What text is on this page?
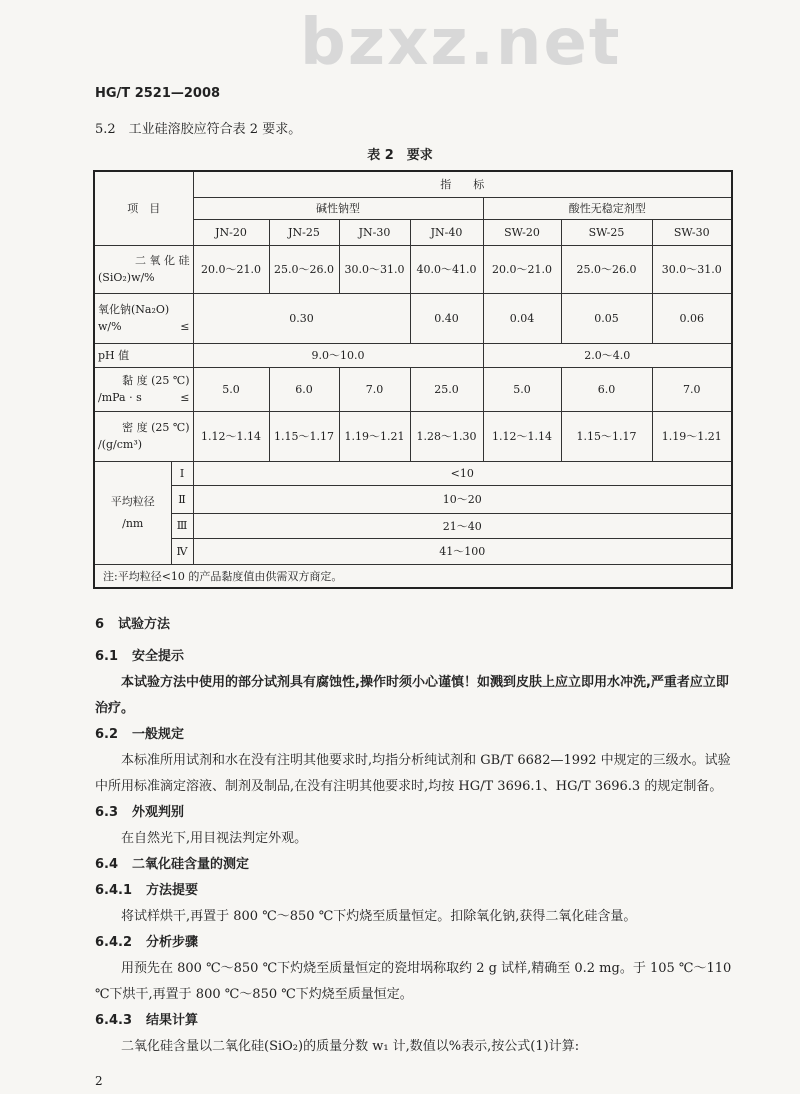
bzxz.net
HG/T 2521—2008
5.2　工业硅溶胶应符合表 2 要求。
表 2　要求
项　目		指　　标						
		碱性钠型				酸性无稳定剂型		
		JN-20	JN-25	JN-30	JN-40	SW-20	SW-25	SW-30

二 氧 化 硅
(SiO₂)w/%		20.0～21.0	25.0～26.0	30.0～31.0	40.0～41.0	20.0～21.0	25.0～26.0	30.0～31.0

氧化钠(Na₂O)
w/% ≤		0.30			0.40	0.04	0.05	0.06
pH 值		9.0～10.0				2.0～4.0		

黏 度 (25 ℃)
/mPa · s ≤		5.0	6.0	7.0	25.0	5.0	6.0	7.0

密 度 (25 ℃)
/(g/cm³)		1.12～1.14	1.15～1.17	1.19～1.21	1.28～1.30	1.12～1.14	1.15～1.17	1.19～1.21

平均粒径
/nm	Ⅰ	<10						
	Ⅱ	10～20						
	Ⅲ	21～40						
	Ⅳ	41～100						
注:平均粒径<10 的产品黏度值由供需双方商定。								
6 试验方法
6.1 安全提示

本试验方法中使用的部分试剂具有腐蚀性,操作时须小心谨慎！如溅到皮肤上应立即用水冲洗,严重者应立即治疗。

6.2 一般规定

本标准所用试剂和水在没有注明其他要求时,均指分析纯试剂和 GB/T 6682—1992 中规定的三级水。试验中所用标准滴定溶液、制剂及制品,在没有注明其他要求时,均按 HG/T 3696.1、HG/T 3696.3 的规定制备。

6.3 外观判别

在自然光下,用目视法判定外观。

6.4 二氧化硅含量的测定
6.4.1 方法提要

将试样烘干,再置于 800 ℃～850 ℃下灼烧至质量恒定。扣除氧化钠,获得二氧化硅含量。

6.4.2 分析步骤

用预先在 800 ℃～850 ℃下灼烧至质量恒定的瓷坩埚称取约 2 g 试样,精确至 0.2 mg。于 105 ℃～110 ℃下烘干,再置于 800 ℃～850 ℃下灼烧至质量恒定。

6.4.3 结果计算

二氧化硅含量以二氧化硅(SiO₂)的质量分数 w₁ 计,数值以%表示,按公式(1)计算:

2
